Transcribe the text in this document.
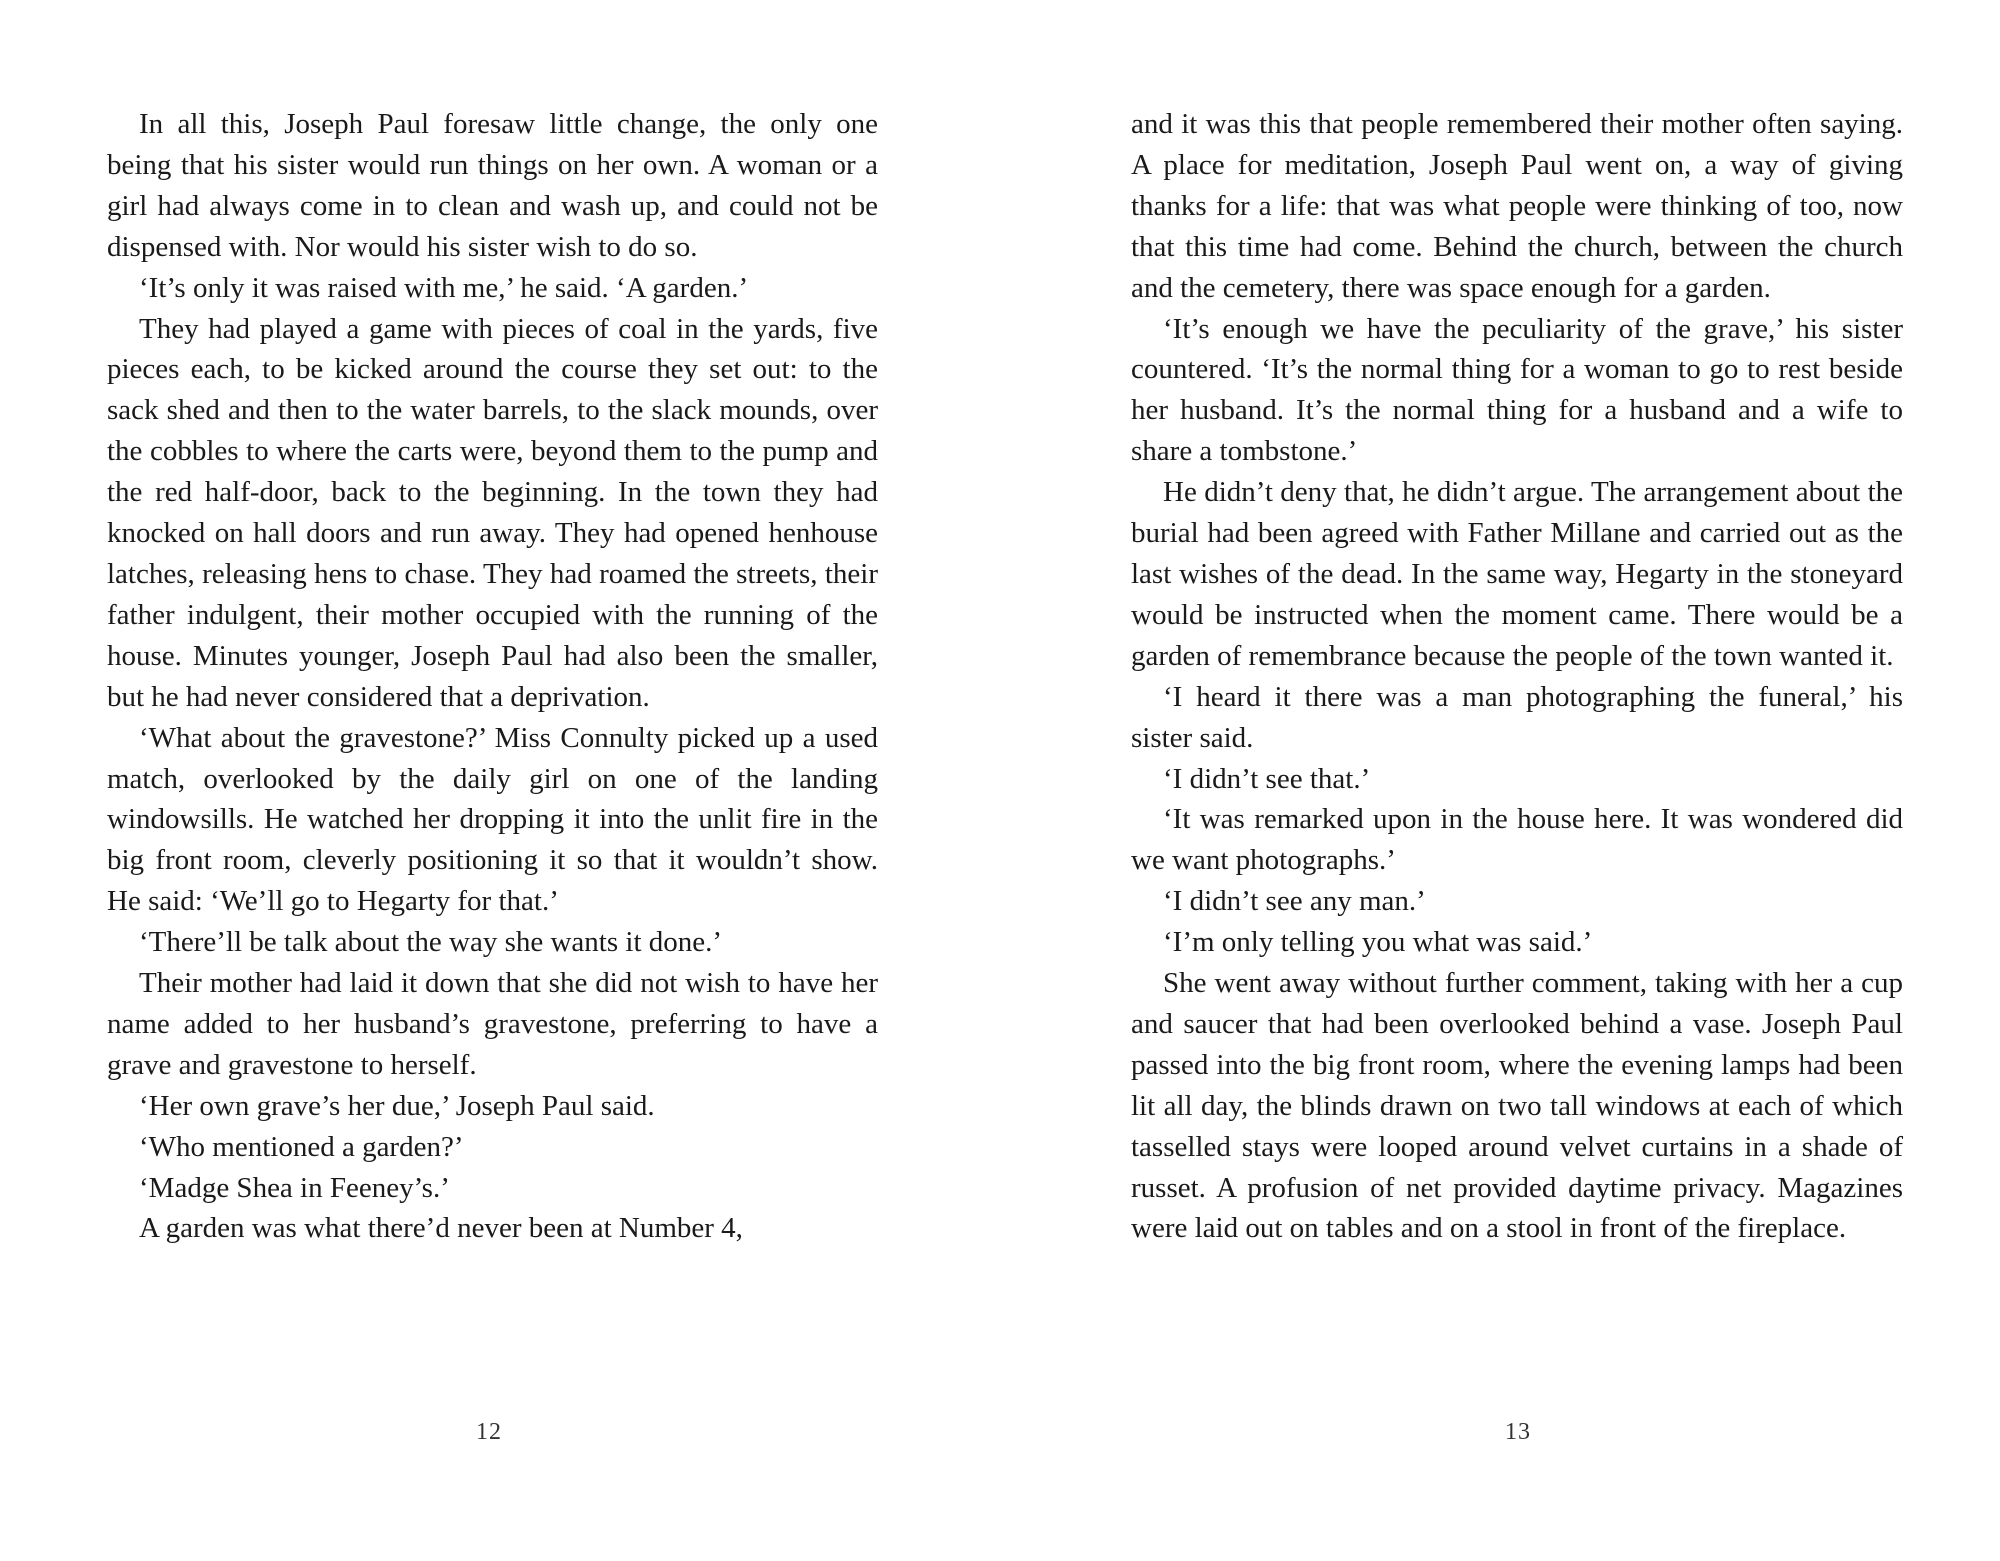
In all this, Joseph Paul foresaw little change, the only one being that his sister would run things on her own. A woman or a girl had always come in to clean and wash up, and could not be dispensed with. Nor would his sister wish to do so.

‘It’s only it was raised with me,’ he said. ‘A garden.’

They had played a game with pieces of coal in the yards, five pieces each, to be kicked around the course they set out: to the sack shed and then to the water barrels, to the slack mounds, over the cobbles to where the carts were, beyond them to the pump and the red half-door, back to the beginning. In the town they had knocked on hall doors and run away. They had opened henhouse latches, releasing hens to chase. They had roamed the streets, their father indulgent, their mother occupied with the running of the house. Minutes younger, Joseph Paul had also been the smaller, but he had never considered that a deprivation.

‘What about the gravestone?’ Miss Connulty picked up a used match, overlooked by the daily girl on one of the landing windowsills. He watched her dropping it into the unlit fire in the big front room, cleverly positioning it so that it wouldn’t show. He said: ‘We’ll go to Hegarty for that.’

‘There’ll be talk about the way she wants it done.’

Their mother had laid it down that she did not wish to have her name added to her husband’s gravestone, preferring to have a grave and gravestone to herself.

‘Her own grave’s her due,’ Joseph Paul said.

‘Who mentioned a garden?’

‘Madge Shea in Feeney’s.’

A garden was what there’d never been at Number 4,

and it was this that people remembered their mother often saying. A place for meditation, Joseph Paul went on, a way of giving thanks for a life: that was what people were thinking of too, now that this time had come. Behind the church, between the church and the cemetery, there was space enough for a garden.

‘It’s enough we have the peculiarity of the grave,’ his sister countered. ‘It’s the normal thing for a woman to go to rest beside her husband. It’s the normal thing for a husband and a wife to share a tombstone.’

He didn’t deny that, he didn’t argue. The arrangement about the burial had been agreed with Father Millane and carried out as the last wishes of the dead. In the same way, Hegarty in the stoneyard would be instructed when the moment came. There would be a garden of remembrance because the people of the town wanted it.

‘I heard it there was a man photographing the funeral,’ his sister said.

‘I didn’t see that.’

‘It was remarked upon in the house here. It was wondered did we want photographs.’

‘I didn’t see any man.’

‘I’m only telling you what was said.’

She went away without further comment, taking with her a cup and saucer that had been overlooked behind a vase. Joseph Paul passed into the big front room, where the evening lamps had been lit all day, the blinds drawn on two tall windows at each of which tasselled stays were looped around velvet curtains in a shade of russet. A profusion of net provided daytime privacy. Magazines were laid out on tables and on a stool in front of the fireplace.

12	13
